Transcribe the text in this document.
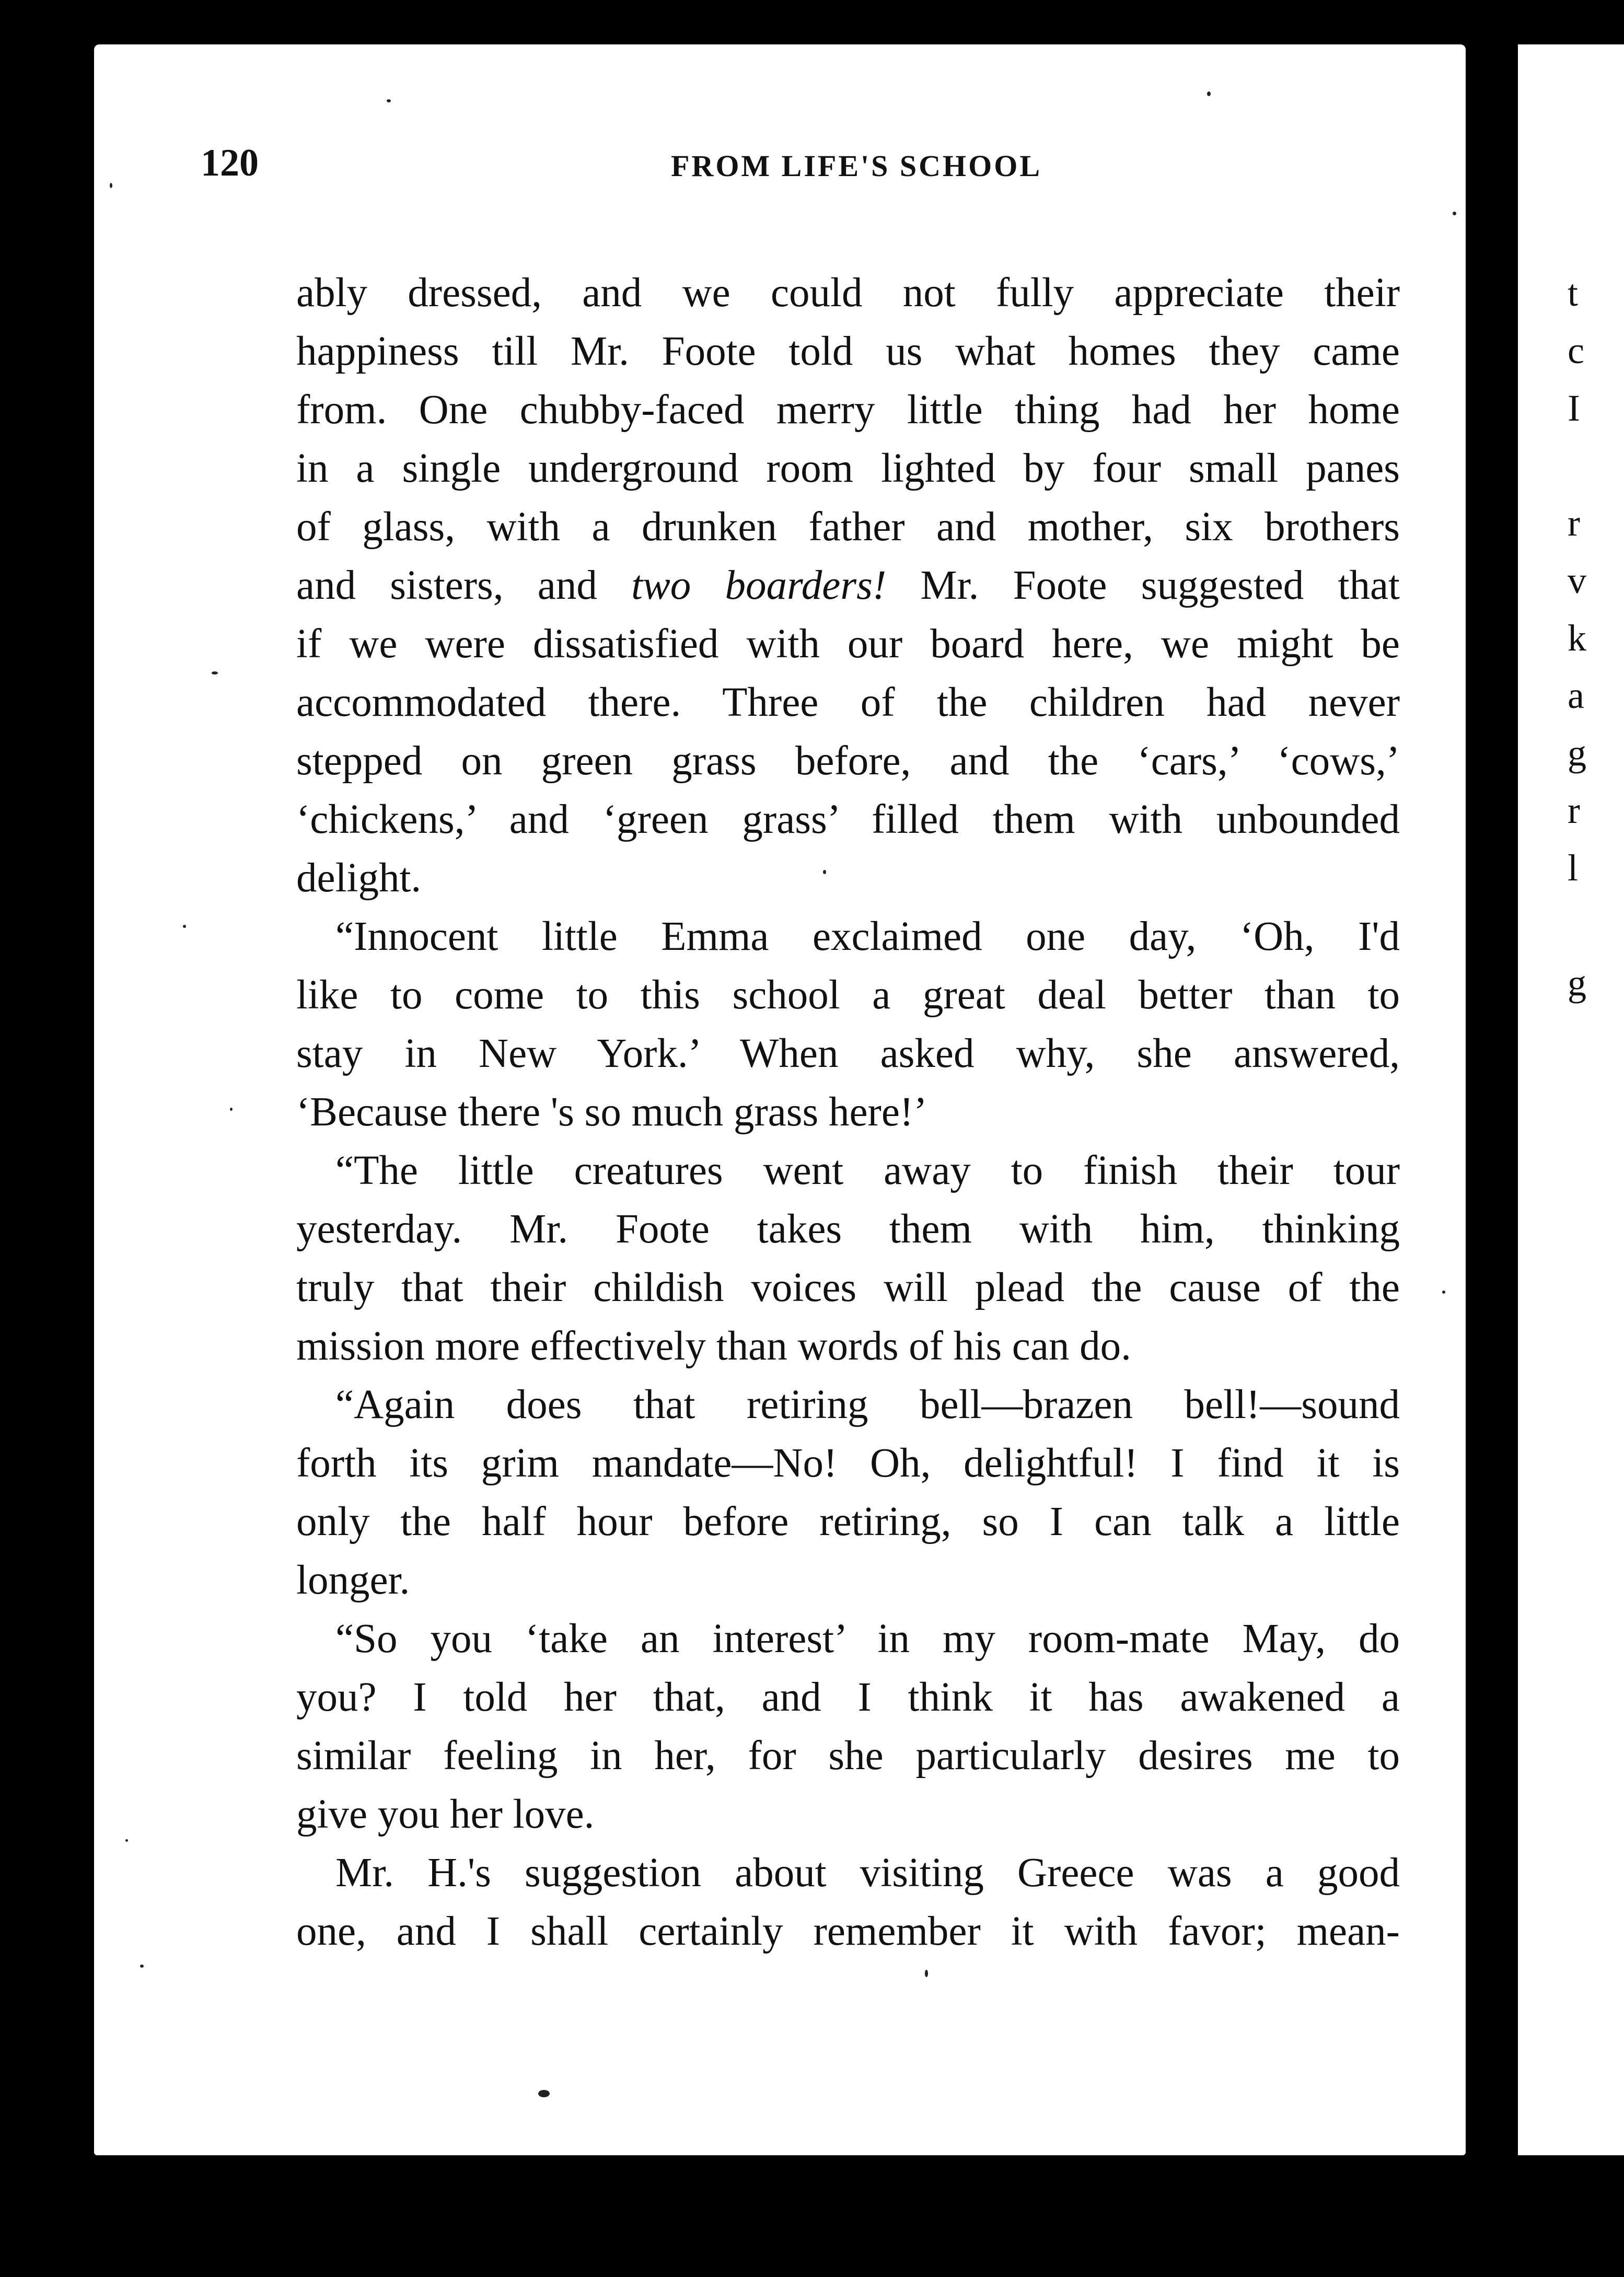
t
c
I
r
v
k
a
g
r
l
g
120	FROM LIFE'S SCHOOL
ably dressed, and we could not fully appreciate their
happiness till Mr. Foote told us what homes they came
from. One chubby-faced merry little thing had her home
in a single underground room lighted by four small panes
of glass, with a drunken father and mother, six brothers
and sisters, and two boarders! Mr. Foote suggested that
if we were dissatisfied with our board here, we might be
accommodated there. Three of the children had never
stepped on green grass before, and the ‘cars,’ ‘cows,’
‘chickens,’ and ‘green grass’ filled them with unbounded
delight.
“Innocent little Emma exclaimed one day, ‘Oh, I'd
like to come to this school a great deal better than to
stay in New York.’ When asked why, she answered,
‘Because there 's so much grass here!’
“The little creatures went away to finish their tour
yesterday. Mr. Foote takes them with him, thinking
truly that their childish voices will plead the cause of the
mission more effectively than words of his can do.
“Again does that retiring bell—brazen bell!—sound
forth its grim mandate—No! Oh, delightful! I find it is
only the half hour before retiring, so I can talk a little
longer.
“So you ‘take an interest’ in my room-mate May, do
you? I told her that, and I think it has awakened a
similar feeling in her, for she particularly desires me to
give you her love.
Mr. H.'s suggestion about visiting Greece was a good
one, and I shall certainly remember it with favor; mean-
